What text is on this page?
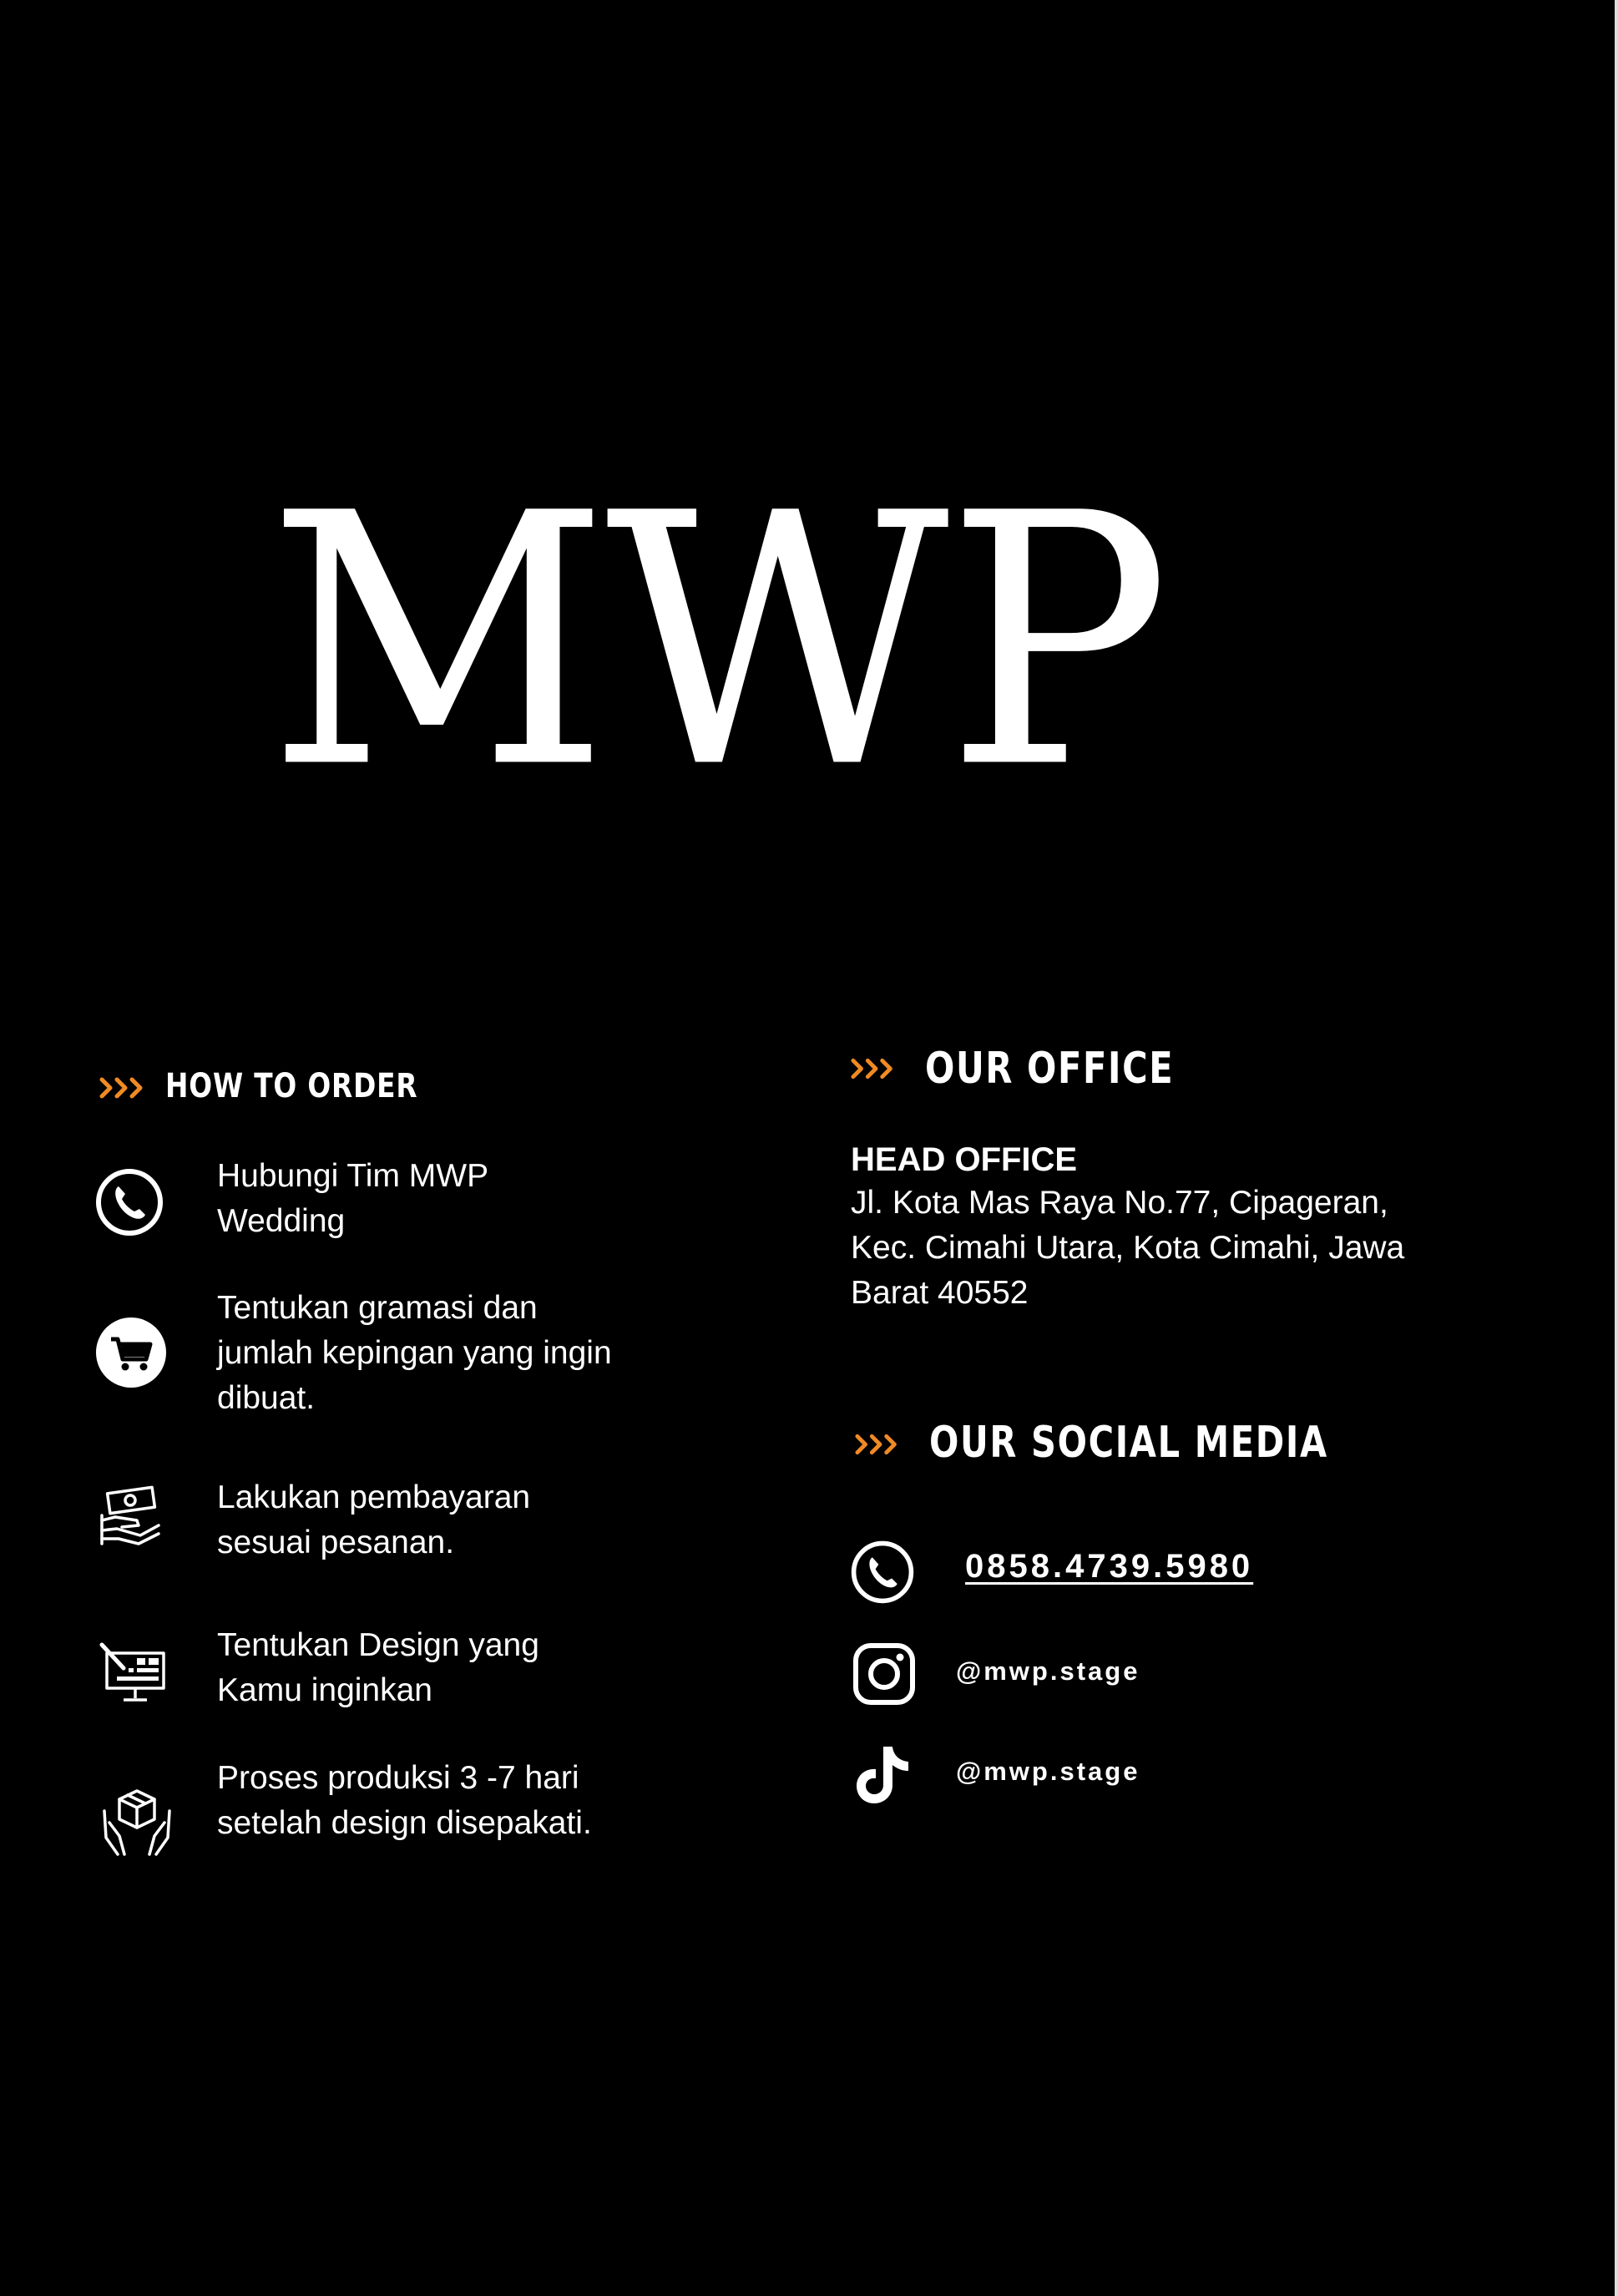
MWP
HOW TO ORDER
Hubungi Tim MWP Wedding
Tentukan gramasi dan jumlah kepingan yang ingin dibuat.
Lakukan pembayaran sesuai pesanan.
Tentukan Design yang Kamu inginkan
Proses produksi 3 -7 hari setelah design disepakati.
OUR OFFICE
HEAD OFFICE
Jl. Kota Mas Raya No.77, Cipageran, Kec. Cimahi Utara, Kota Cimahi, Jawa Barat 40552
OUR SOCIAL MEDIA
0858.4739.5980
@mwp.stage
@mwp.stage
